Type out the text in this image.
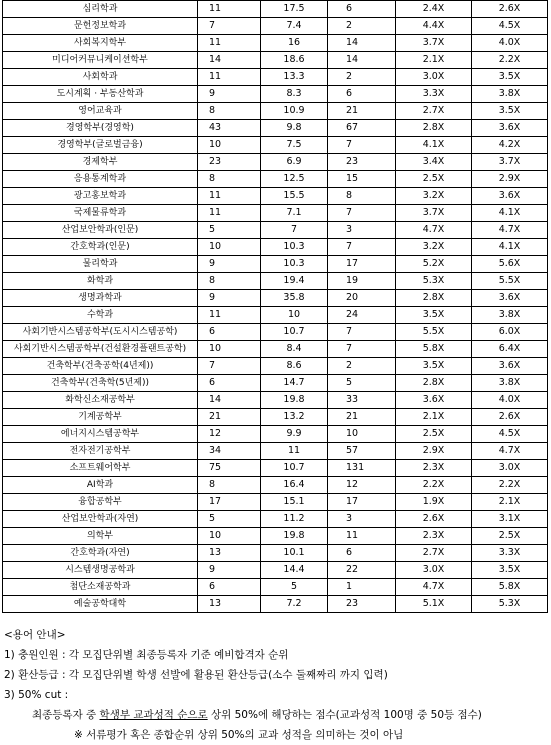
심리학과	11	17.5	6	2.4X	2.6X
문헌정보학과	7	7.4	2	4.4X	4.5X
사회복지학부	11	16	14	3.7X	4.0X
미디어커뮤니케이션학부	14	18.6	14	2.1X	2.2X
사회학과	11	13.3	2	3.0X	3.5X
도시계획 · 부동산학과	9	8.3	6	3.3X	3.8X
영어교육과	8	10.9	21	2.7X	3.5X
경영학부(경영학)	43	9.8	67	2.8X	3.6X
경영학부(글로벌금융)	10	7.5	7	4.1X	4.2X
경제학부	23	6.9	23	3.4X	3.7X
응용통계학과	8	12.5	15	2.5X	2.9X
광고홍보학과	11	15.5	8	3.2X	3.6X
국제물류학과	11	7.1	7	3.7X	4.1X
산업보안학과(인문)	5	7	3	4.7X	4.7X
간호학과(인문)	10	10.3	7	3.2X	4.1X
물리학과	9	10.3	17	5.2X	5.6X
화학과	8	19.4	19	5.3X	5.5X
생명과학과	9	35.8	20	2.8X	3.6X
수학과	11	10	24	3.5X	3.8X
사회기반시스템공학부(도시시스템공학)	6	10.7	7	5.5X	6.0X
사회기반시스템공학부(건설환경플랜트공학)	10	8.4	7	5.8X	6.4X
건축학부(건축공학(4년제))	7	8.6	2	3.5X	3.6X
건축학부(건축학(5년제))	6	14.7	5	2.8X	3.8X
화학신소재공학부	14	19.8	33	3.6X	4.0X
기계공학부	21	13.2	21	2.1X	2.6X
에너지시스템공학부	12	9.9	10	2.5X	4.5X
전자전기공학부	34	11	57	2.9X	4.7X
소프트웨어학부	75	10.7	131	2.3X	3.0X
AI학과	8	16.4	12	2.2X	2.2X
융합공학부	17	15.1	17	1.9X	2.1X
산업보안학과(자연)	5	11.2	3	2.6X	3.1X
의학부	10	19.8	11	2.3X	2.5X
간호학과(자연)	13	10.1	6	2.7X	3.3X
시스템생명공학과	9	14.4	22	3.0X	3.5X
첨단소재공학과	6	5	1	4.7X	5.8X
예술공학대학	13	7.2	23	5.1X	5.3X

<용어 안내>

1) 충원인원 : 각 모집단위별 최종등록자 기준 예비합격자 순위

2) 환산등급 : 각 모집단위별 학생 선발에 활용된 환산등급(소수 둘째짜리 까지 입력)

3) 50% cut :

최종등록자 중 학생부 교과성적 순으로 상위 50%에 해당하는 점수(교과성적 100명 중 50등 점수)

※ 서류평가 혹은 종합순위 상위 50%의 교과 성적을 의미하는 것이 아님
